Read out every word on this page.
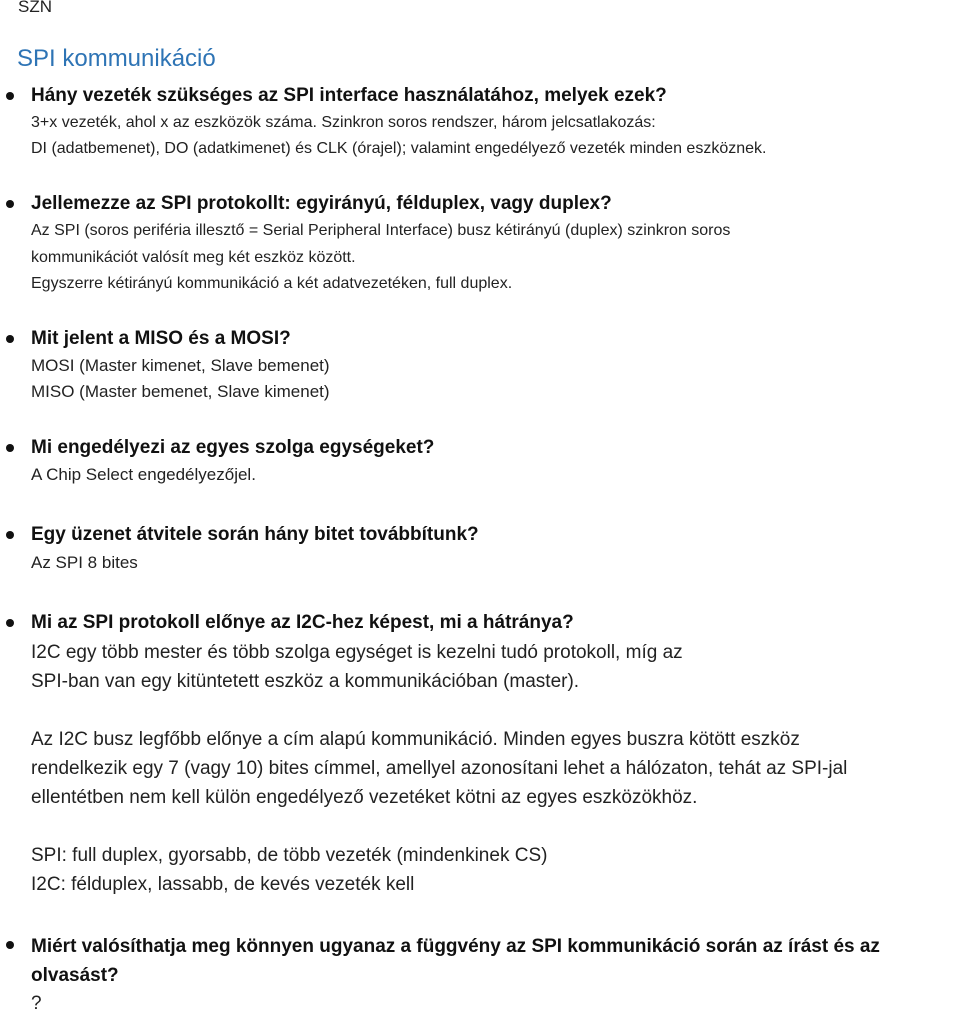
SZN
SPI kommunikáció
Hány vezeték szükséges az SPI interface használatához, melyek ezek?
3+x vezeték, ahol x az eszközök száma. Szinkron soros rendszer, három jelcsatlakozás:
DI (adatbemenet), DO (adatkimenet) és CLK (órajel); valamint engedélyező vezeték minden eszköznek.
Jellemezze az SPI protokollt: egyirányú, félduplex, vagy duplex?
Az SPI (soros periféria illesztő = Serial Peripheral Interface) busz kétirányú (duplex) szinkron soros
kommunikációt valósít meg két eszköz között.
Egyszerre kétirányú kommunikáció a két adatvezetéken, full duplex.
Mit jelent a MISO és a MOSI?
MOSI (Master kimenet, Slave bemenet)
MISO (Master bemenet, Slave kimenet)
Mi engedélyezi az egyes szolga egységeket?
A Chip Select engedélyezőjel.
Egy üzenet átvitele során hány bitet továbbítunk?
Az SPI 8 bites
Mi az SPI protokoll előnye az I2C-hez képest, mi a hátránya?
I2C egy több mester és több szolga egységet is kezelni tudó protokoll, míg az
SPI-ban van egy kitüntetett eszköz a kommunikációban (master).
Az I2C busz legfőbb előnye a cím alapú kommunikáció. Minden egyes buszra kötött eszköz
rendelkezik egy 7 (vagy 10) bites címmel, amellyel azonosítani lehet a hálózaton, tehát az SPI-jal
ellentétben nem kell külön engedélyező vezetéket kötni az egyes eszközökhöz.
SPI: full duplex, gyorsabb, de több vezeték (mindenkinek CS)
I2C: félduplex, lassabb, de kevés vezeték kell
Miért valósíthatja meg könnyen ugyanaz a függvény az SPI kommunikáció során az írást és az olvasást?
?
